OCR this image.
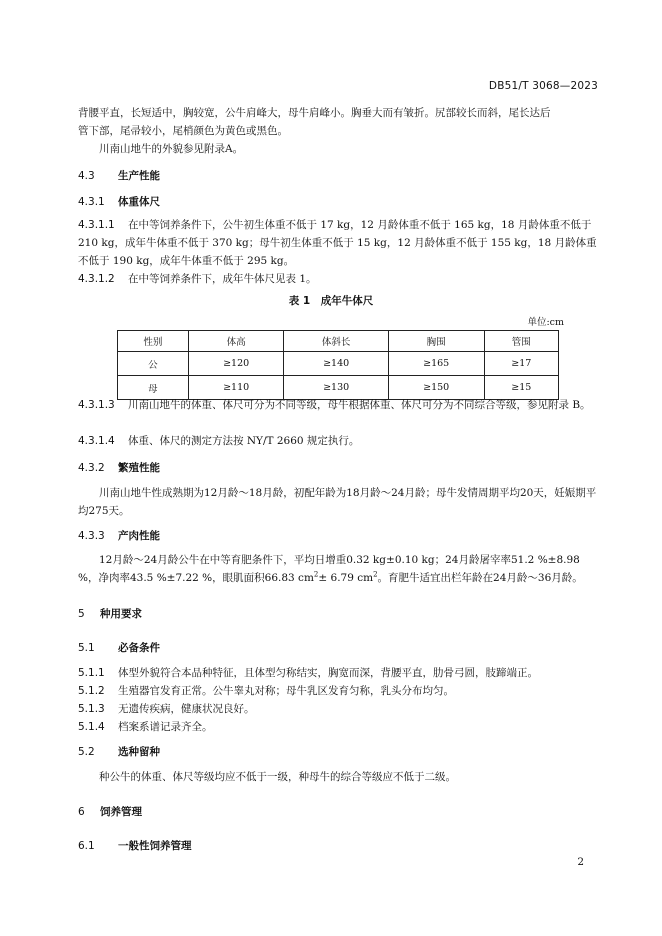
DB51/T 3068—2023
背腰平直，长短适中，胸较宽，公牛肩峰大，母牛肩峰小。胸垂大而有皱折。尻部较长而斜，尾长达后
管下部，尾帚较小，尾梢颜色为黄色或黑色。
川南山地牛的外貌参见附录A。
4.3 生产性能
4.3.1 体重体尺
4.3.1.1 在中等饲养条件下，公牛初生体重不低于 17 kg，12 月龄体重不低于 165 kg，18 月龄体重不低于 210 kg，成年牛体重不低于 370 kg；母牛初生体重不低于 15 kg，12 月龄体重不低于 155 kg，18 月龄体重不低于 190 kg，成年牛体重不低于 295 kg。
4.3.1.2 在中等饲养条件下，成年牛体尺见表 1。
表 1　成年牛体尺
单位:cm
性别	体高	体斜长	胸围	管围
公	≥120	≥140	≥165	≥17
母	≥110	≥130	≥150	≥15
4.3.1.3 川南山地牛的体重、体尺可分为不同等级，母牛根据体重、体尺可分为不同综合等级，参见附录 B。
4.3.1.4 体重、体尺的测定方法按 NY/T 2660 规定执行。
4.3.2 繁殖性能
川南山地牛性成熟期为12月龄～18月龄，初配年龄为18月龄～24月龄；母牛发情周期平均20天，妊娠期平均275天。
4.3.3 产肉性能
12月龄～24月龄公牛在中等育肥条件下，平均日增重0.32 kg±0.10 kg；24月龄屠宰率51.2 %±8.98 %，净肉率43.5 %±7.22 %，眼肌面积66.83 $cm^2\pm 6.79$ $cm^2$。育肥牛适宜出栏年龄在24月龄～36月龄。
5 种用要求
5.1 必备条件
5.1.1 体型外貌符合本品种特征，且体型匀称结实，胸宽而深，背腰平直，肋骨弓圆，肢蹄端正。
5.1.2 生殖器官发育正常。公牛睾丸对称；母牛乳区发育匀称，乳头分布均匀。
5.1.3 无遗传疾病，健康状况良好。
5.1.4 档案系谱记录齐全。
5.2 选种留种
种公牛的体重、体尺等级均应不低于一级，种母牛的综合等级应不低于二级。
6 饲养管理
6.1 一般性饲养管理
2
